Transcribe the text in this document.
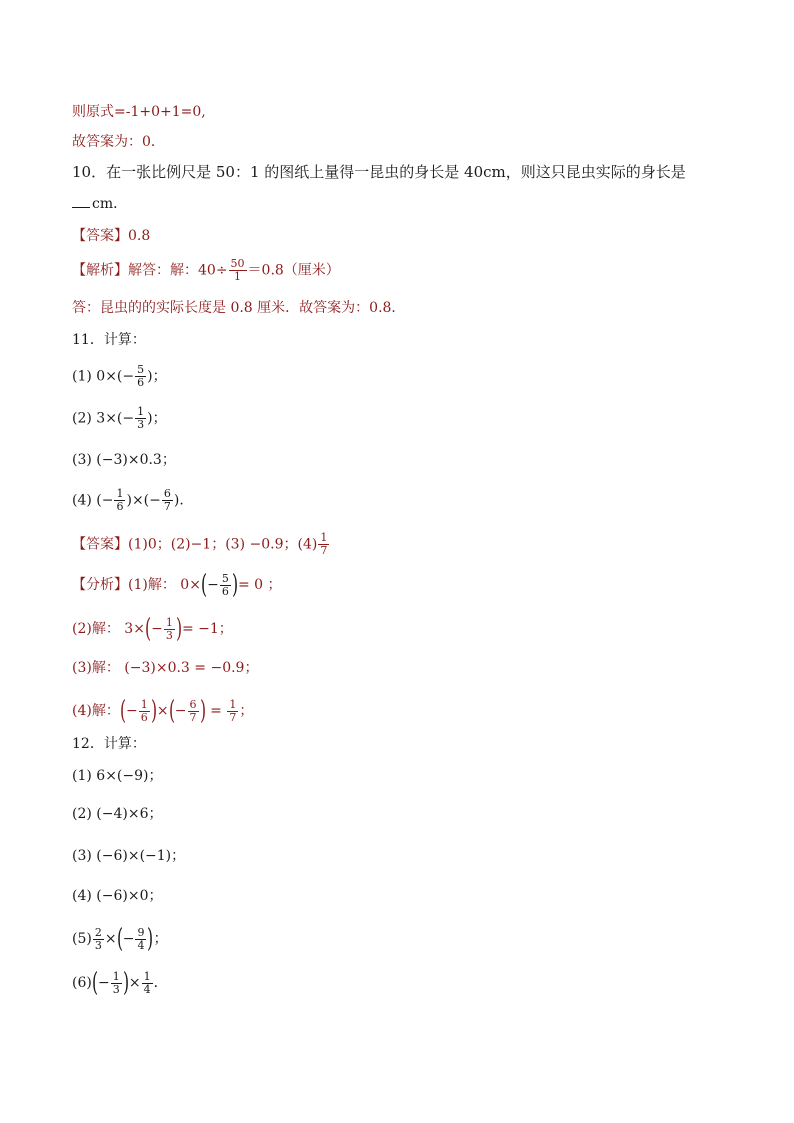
则原式=-1+0+1=0,
故答案为：0．
10．在一张比例尺是 50：1 的图纸上量得一昆虫的身长是 40cm，则这只昆虫实际的身长是
cm．
【答案】0.8
【解析】解答：解：$40\div \frac{50}{1} =0.8$（厘米）
答：昆虫的的实际长度是 0.8 厘米．故答案为：0.8．
11．计算：
(1) $0\times(- \frac{5}{6}$ )；
(2) $3\times(- \frac{1}{3}$ )；
(3) (−3)×0.3；
(4) (− $\frac{1}{6}$ )×(− $\frac{6}{7}$ )．
【答案】(1)0；(2)−1；(3) −0.9；$(4) \frac{1}{7}$
【分析】(1)解： $0\times(- \frac{5}{6}$ )= 0 ；
(2)解： $3\times(- \frac{1}{3}$ )= −1；
(3)解： (−3)×0.3 = −0.9；
(4)解：(− $\frac{1}{6}$ )×(− $\frac{6}{7}$ ) = $\frac{1}{7}$ ；
12．计算：
(1) 6×(−9)；
(2) (−4)×6；
(3) (−6)×(−1)；
(4) (−6)×0；
$(5) \frac{2}{3}$ ×(− $\frac{9}{4}$ )；
$(6)(- \frac{1}{3}$ )× $\frac{1}{4}$ ．
